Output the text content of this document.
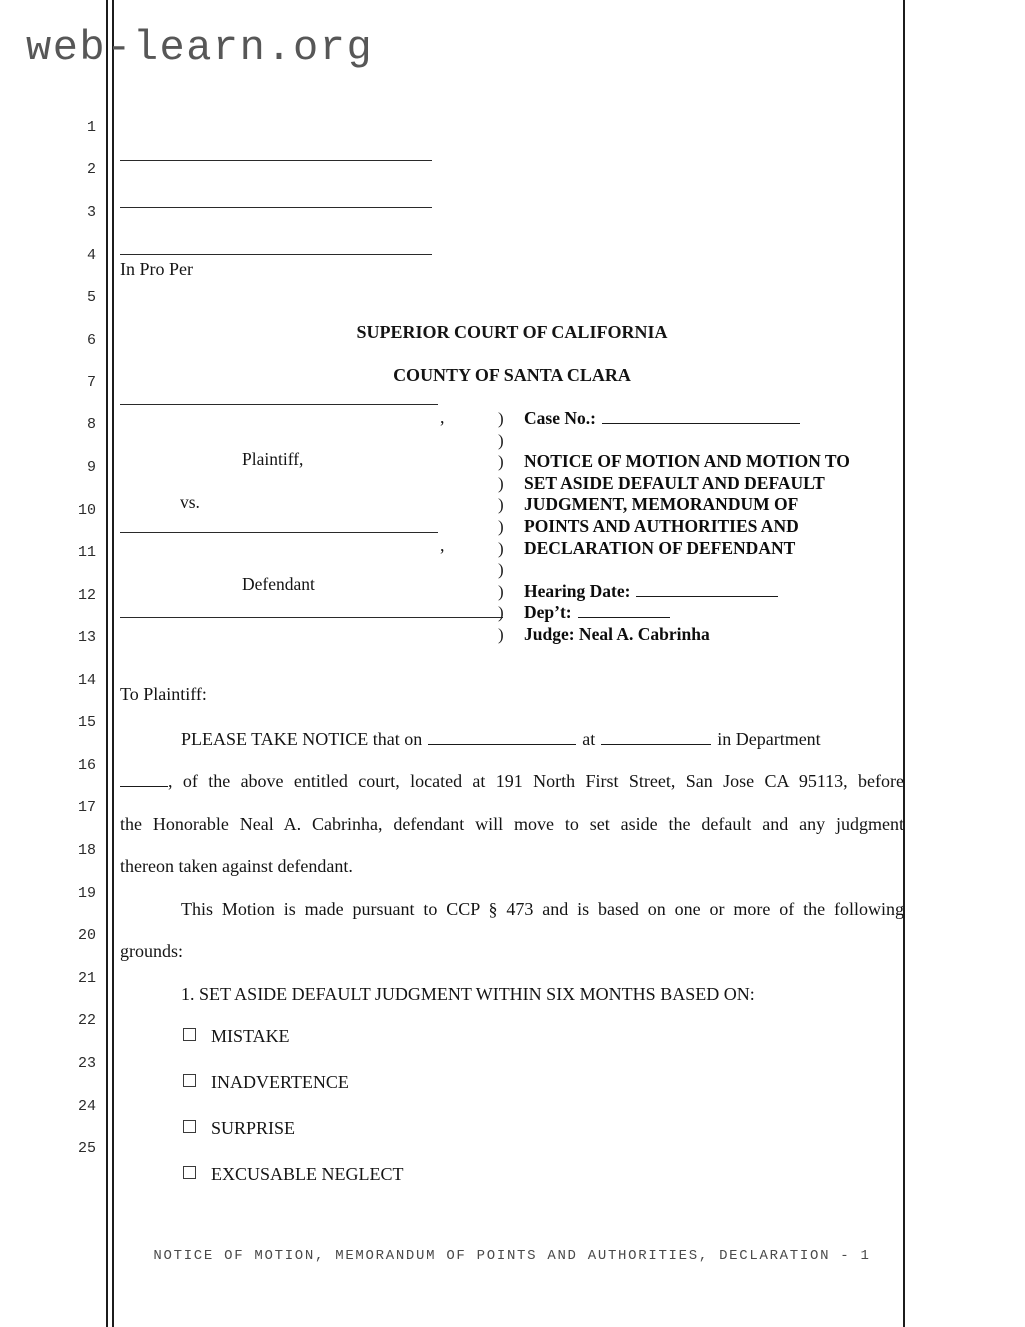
web-learn.org
1
2
3
4
5
6
7
8
9
10
11
12
13
14
15
16
17
18
19
20
21
22
23
24
25
In Pro Per
SUPERIOR COURT OF CALIFORNIA
COUNTY OF SANTA CLARA
,
Plaintiff,
vs.
,
Defendant
) Case No.:
)
) NOTICE OF MOTION AND MOTION TO
) SET ASIDE DEFAULT AND DEFAULT
) JUDGMENT, MEMORANDUM OF
) POINTS AND AUTHORITIES AND
) DECLARATION OF DEFENDANT
)
) Hearing Date:
) Dep’t:
) Judge: Neal A. Cabrinha
To Plaintiff:
PLEASE TAKE NOTICE that on	at	in Department
, of the above entitled court, located at 191 North First Street, San Jose CA 95113, before
the Honorable Neal A. Cabrinha, defendant will move to set aside the default and any judgment
thereon taken against defendant.
This Motion is made pursuant to CCP § 473 and is based on one or more of the following
grounds:
1. SET ASIDE DEFAULT JUDGMENT WITHIN SIX MONTHS BASED ON:
MISTAKE
INADVERTENCE
SURPRISE
EXCUSABLE NEGLECT
NOTICE OF MOTION, MEMORANDUM OF POINTS AND AUTHORITIES, DECLARATION - 1
